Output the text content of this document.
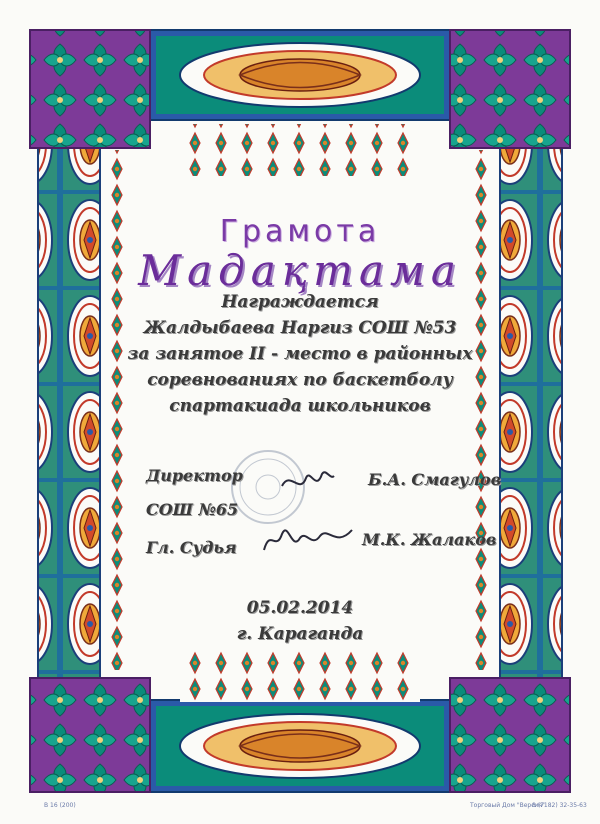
Грамота
Мадақтама
Награждается
Жалдыбаева Наргиз СОШ №53
за занятое II - место в районных
соревнованиях по баскетболу
спартакиада школьников
Директор
СОШ №65
Б.А. Смагулов
Гл. Судья	М.К. Жалаков
05.02.2014
г. Караганда
В 16 (200)	Торговый Дом "Версия"
8 (7182) 32-35-63
